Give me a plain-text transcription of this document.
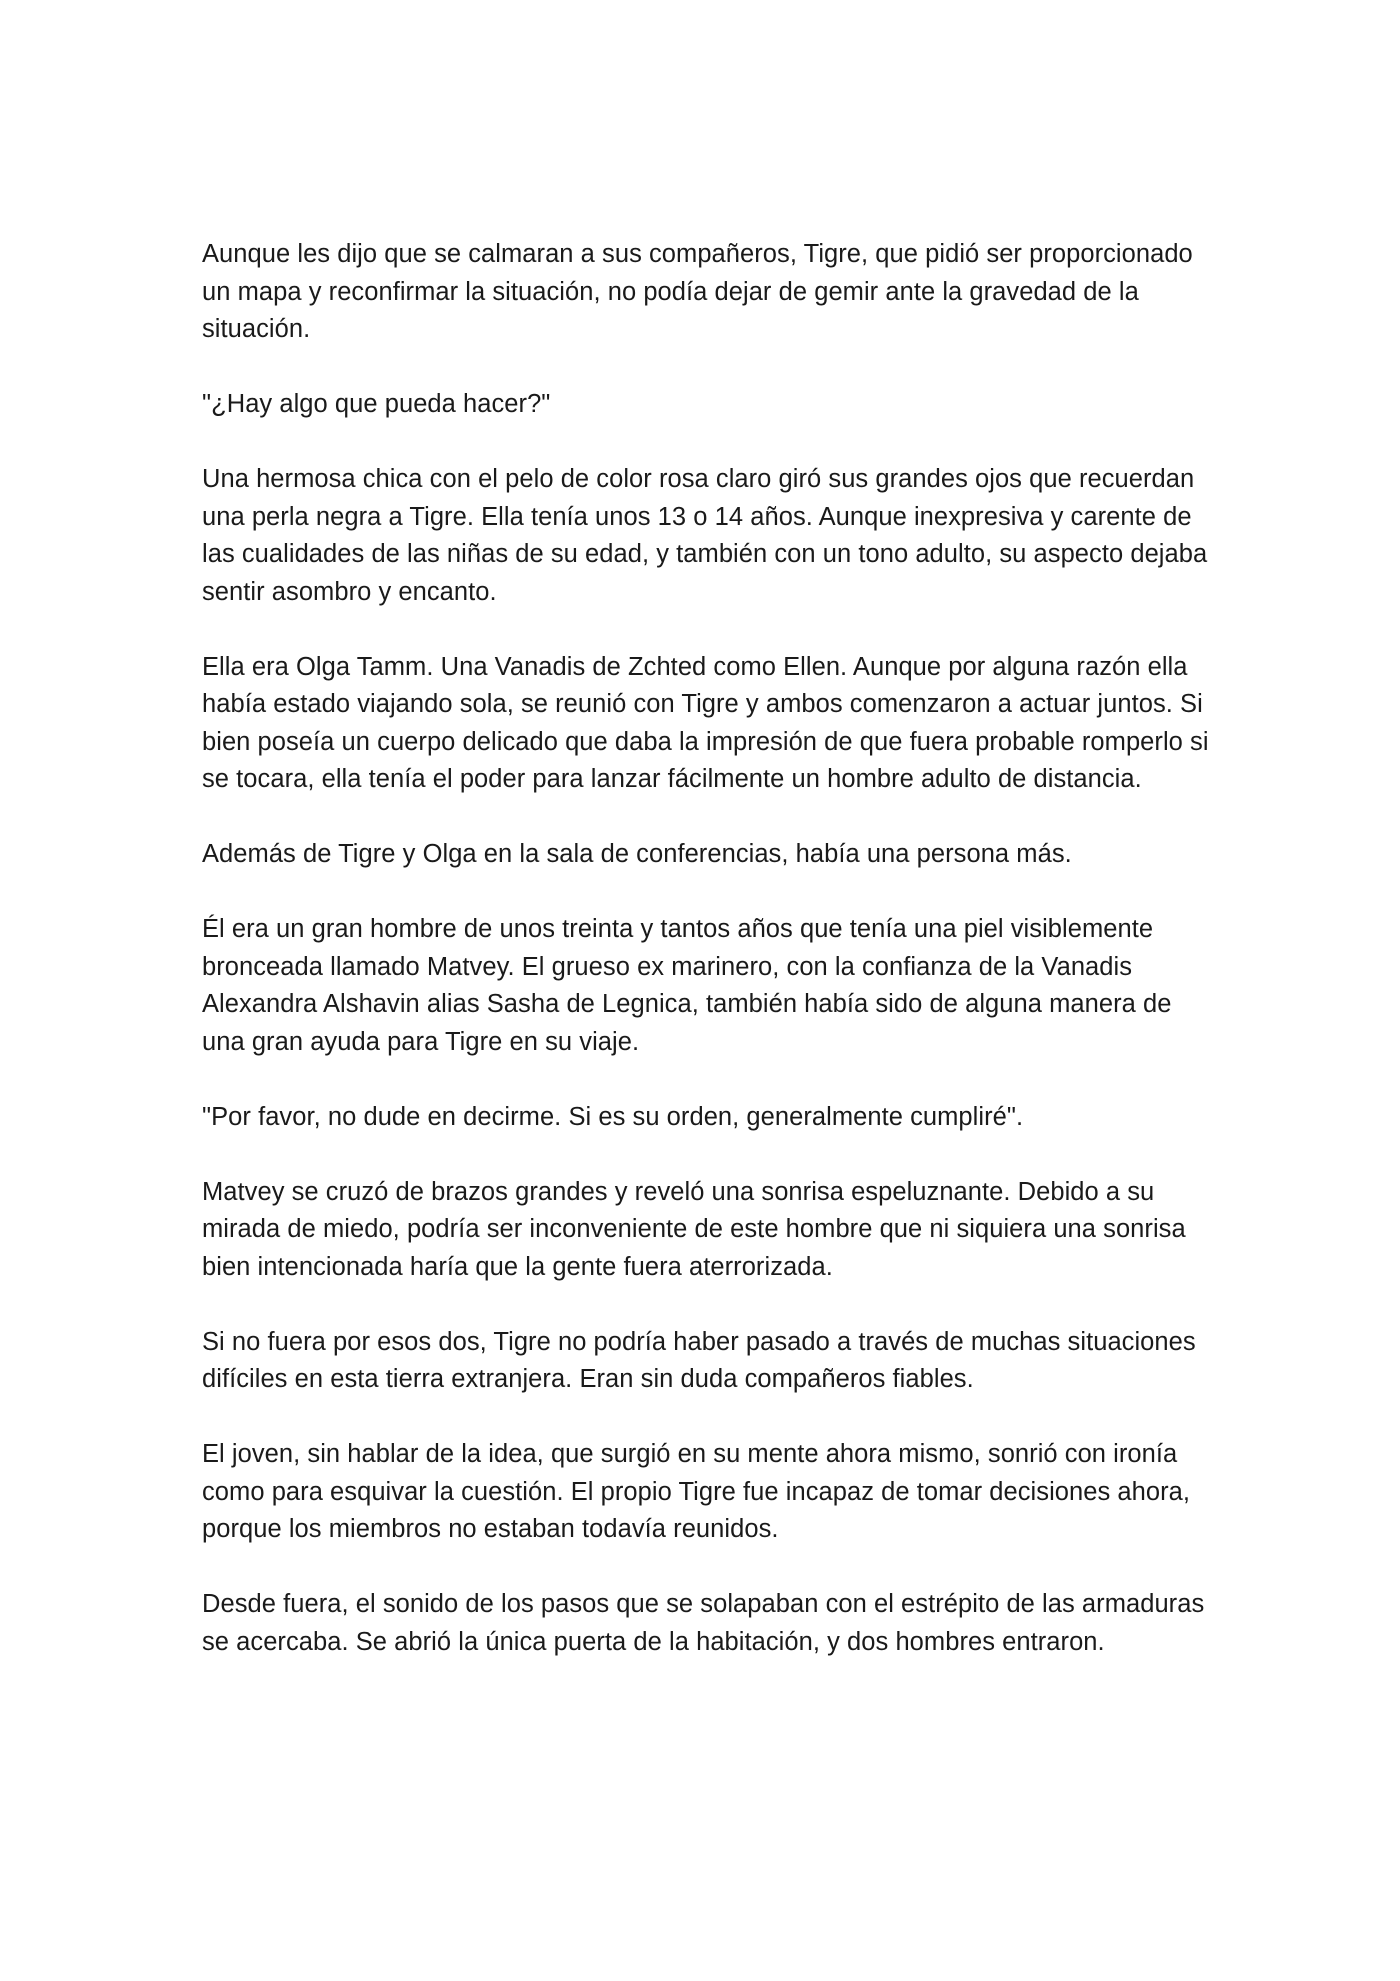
Aunque les dijo que se calmaran a sus compañeros, Tigre, que pidió ser proporcionado un mapa y reconfirmar la situación, no podía dejar de gemir ante la gravedad de la situación.

"¿Hay algo que pueda hacer?"

Una hermosa chica con el pelo de color rosa claro giró sus grandes ojos que recuerdan una perla negra a Tigre. Ella tenía unos 13 o 14 años. Aunque inexpresiva y carente de las cualidades de las niñas de su edad, y también con un tono adulto, su aspecto dejaba sentir asombro y encanto.

Ella era Olga Tamm. Una Vanadis de Zchted como Ellen. Aunque por alguna razón ella había estado viajando sola, se reunió con Tigre y ambos comenzaron a actuar juntos. Si bien poseía un cuerpo delicado que daba la impresión de que fuera probable romperlo si se tocara, ella tenía el poder para lanzar fácilmente un hombre adulto de distancia.

Además de Tigre y Olga en la sala de conferencias, había una persona más.

Él era un gran hombre de unos treinta y tantos años que tenía una piel visiblemente bronceada llamado Matvey. El grueso ex marinero, con la confianza de la Vanadis Alexandra Alshavin alias Sasha de Legnica, también había sido de alguna manera de una gran ayuda para Tigre en su viaje.

"Por favor, no dude en decirme. Si es su orden, generalmente cumpliré".

Matvey se cruzó de brazos grandes y reveló una sonrisa espeluznante. Debido a su mirada de miedo, podría ser inconveniente de este hombre que ni siquiera una sonrisa bien intencionada haría que la gente fuera aterrorizada.

Si no fuera por esos dos, Tigre no podría haber pasado a través de muchas situaciones difíciles en esta tierra extranjera. Eran sin duda compañeros fiables.

El joven, sin hablar de la idea, que surgió en su mente ahora mismo, sonrió con ironía como para esquivar la cuestión. El propio Tigre fue incapaz de tomar decisiones ahora, porque los miembros no estaban todavía reunidos.

Desde fuera, el sonido de los pasos que se solapaban con el estrépito de las armaduras se acercaba. Se abrió la única puerta de la habitación, y dos hombres entraron.
